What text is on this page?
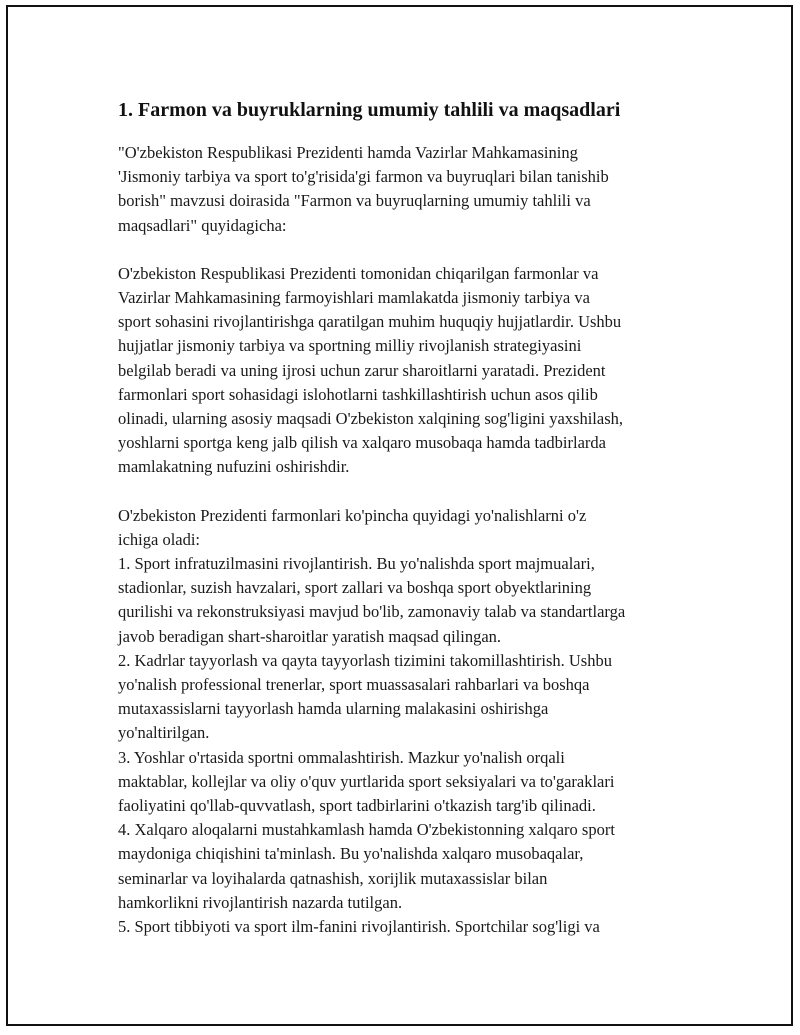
1. Farmon va buyruklarning umumiy tahlili va maqsadlari
"O'zbekiston Respublikasi Prezidenti hamda Vazirlar Mahkamasining
'Jismoniy tarbiya va sport to'g'risida'gi farmon va buyruqlari bilan tanishib
borish" mavzusi doirasida "Farmon va buyruqlarning umumiy tahlili va
maqsadlari" quyidagicha:
O'zbekiston Respublikasi Prezidenti tomonidan chiqarilgan farmonlar va
Vazirlar Mahkamasining farmoyishlari mamlakatda jismoniy tarbiya va
sport sohasini rivojlantirishga qaratilgan muhim huquqiy hujjatlardir. Ushbu
hujjatlar jismoniy tarbiya va sportning milliy rivojlanish strategiyasini
belgilab beradi va uning ijrosi uchun zarur sharoitlarni yaratadi. Prezident
farmonlari sport sohasidagi islohotlarni tashkillashtirish uchun asos qilib
olinadi, ularning asosiy maqsadi O'zbekiston xalqining sog'ligini yaxshilash,
yoshlarni sportga keng jalb qilish va xalqaro musobaqa hamda tadbirlarda
mamlakatning nufuzini oshirishdir.
O'zbekiston Prezidenti farmonlari ko'pincha quyidagi yo'nalishlarni o'z
ichiga oladi:
1. Sport infratuzilmasini rivojlantirish. Bu yo'nalishda sport majmualari,
stadionlar, suzish havzalari, sport zallari va boshqa sport obyektlarining
qurilishi va rekonstruksiyasi mavjud bo'lib, zamonaviy talab va standartlarga
javob beradigan shart-sharoitlar yaratish maqsad qilingan.
2. Kadrlar tayyorlash va qayta tayyorlash tizimini takomillashtirish. Ushbu
yo'nalish professional trenerlar, sport muassasalari rahbarlari va boshqa
mutaxassislarni tayyorlash hamda ularning malakasini oshirishga
yo'naltirilgan.
3. Yoshlar o'rtasida sportni ommalashtirish. Mazkur yo'nalish orqali
maktablar, kollejlar va oliy o'quv yurtlarida sport seksiyalari va to'garaklari
faoliyatini qo'llab-quvvatlash, sport tadbirlarini o'tkazish targ'ib qilinadi.
4. Xalqaro aloqalarni mustahkamlash hamda O'zbekistonning xalqaro sport
maydoniga chiqishini ta'minlash. Bu yo'nalishda xalqaro musobaqalar,
seminarlar va loyihalarda qatnashish, xorijlik mutaxassislar bilan
hamkorlikni rivojlantirish nazarda tutilgan.
5. Sport tibbiyoti va sport ilm-fanini rivojlantirish. Sportchilar sog'ligi va
